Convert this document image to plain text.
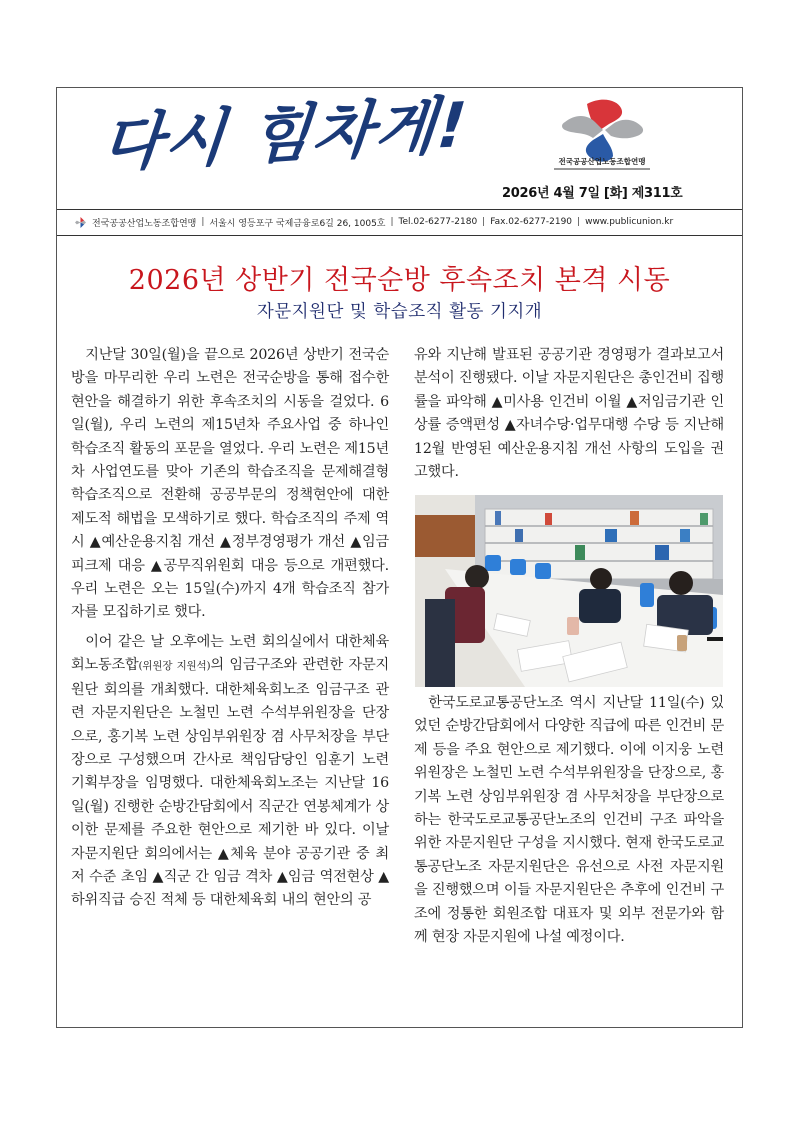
다시 힘차게!	전국공공산업노동조합연맹
2026년 4월 7일 [화] 제311호
전국공공산업노동조합연맹 | 서울시 영등포구 국제금융로6길 26, 1005호 | Tel.02-6277-2180 | Fax.02-6277-2190 | www.publicunion.kr
2026년 상반기 전국순방 후속조치 본격 시동
자문지원단 및 학습조직 활동 기지개

지난달 30일(월)을 끝으로 2026년 상반기 전국순방을 마무리한 우리 노련은 전국순방을 통해 접수한 현안을 해결하기 위한 후속조치의 시동을 걸었다. 6일(월), 우리 노련의 제15년차 주요사업 중 하나인 학습조직 활동의 포문을 열었다. 우리 노련은 제15년차 사업연도를 맞아 기존의 학습조직을 문제해결형 학습조직으로 전환해 공공부문의 정책현안에 대한 제도적 해법을 모색하기로 했다. 학습조직의 주제 역시 ▲예산운용지침 개선 ▲정부경영평가 개선 ▲임금피크제 대응 ▲공무직위원회 대응 등으로 개편했다. 우리 노련은 오는 15일(수)까지 4개 학습조직 참가자를 모집하기로 했다.

이어 같은 날 오후에는 노련 회의실에서 대한체육회노동조합(위원장 지원석)의 임금구조와 관련한 자문지원단 회의를 개최했다. 대한체육회노조 임금구조 관련 자문지원단은 노철민 노련 수석부위원장을 단장으로, 홍기복 노련 상임부위원장 겸 사무처장을 부단장으로 구성했으며 간사로 책임담당인 임훈기 노련 기획부장을 임명했다. 대한체육회노조는 지난달 16일(월) 진행한 순방간담회에서 직군간 연봉체계가 상이한 문제를 주요한 현안으로 제기한 바 있다. 이날 자문지원단 회의에서는 ▲체육 분야 공공기관 중 최저 수준 초임 ▲직군 간 임금 격차 ▲임금 역전현상 ▲하위직급 승진 적체 등 대한체육회 내의 현안의 공

유와 지난해 발표된 공공기관 경영평가 결과보고서 분석이 진행됐다. 이날 자문지원단은 총인건비 집행률을 파악해 ▲미사용 인건비 이월 ▲저임금기관 인상률 증액편성 ▲자녀수당·업무대행 수당 등 지난해 12월 반영된 예산운용지침 개선 사항의 도입을 권고했다.

한국도로교통공단노조 역시 지난달 11일(수) 있었던 순방간담회에서 다양한 직급에 따른 인건비 문제 등을 주요 현안으로 제기했다. 이에 이지웅 노련 위원장은 노철민 노련 수석부위원장을 단장으로, 홍기복 노련 상임부위원장 겸 사무처장을 부단장으로 하는 한국도로교통공단노조의 인건비 구조 파악을 위한 자문지원단 구성을 지시했다. 현재 한국도로교통공단노조 자문지원단은 유선으로 사전 자문지원을 진행했으며 이들 자문지원단은 추후에 인건비 구조에 정통한 회원조합 대표자 및 외부 전문가와 함께 현장 자문지원에 나설 예정이다.
